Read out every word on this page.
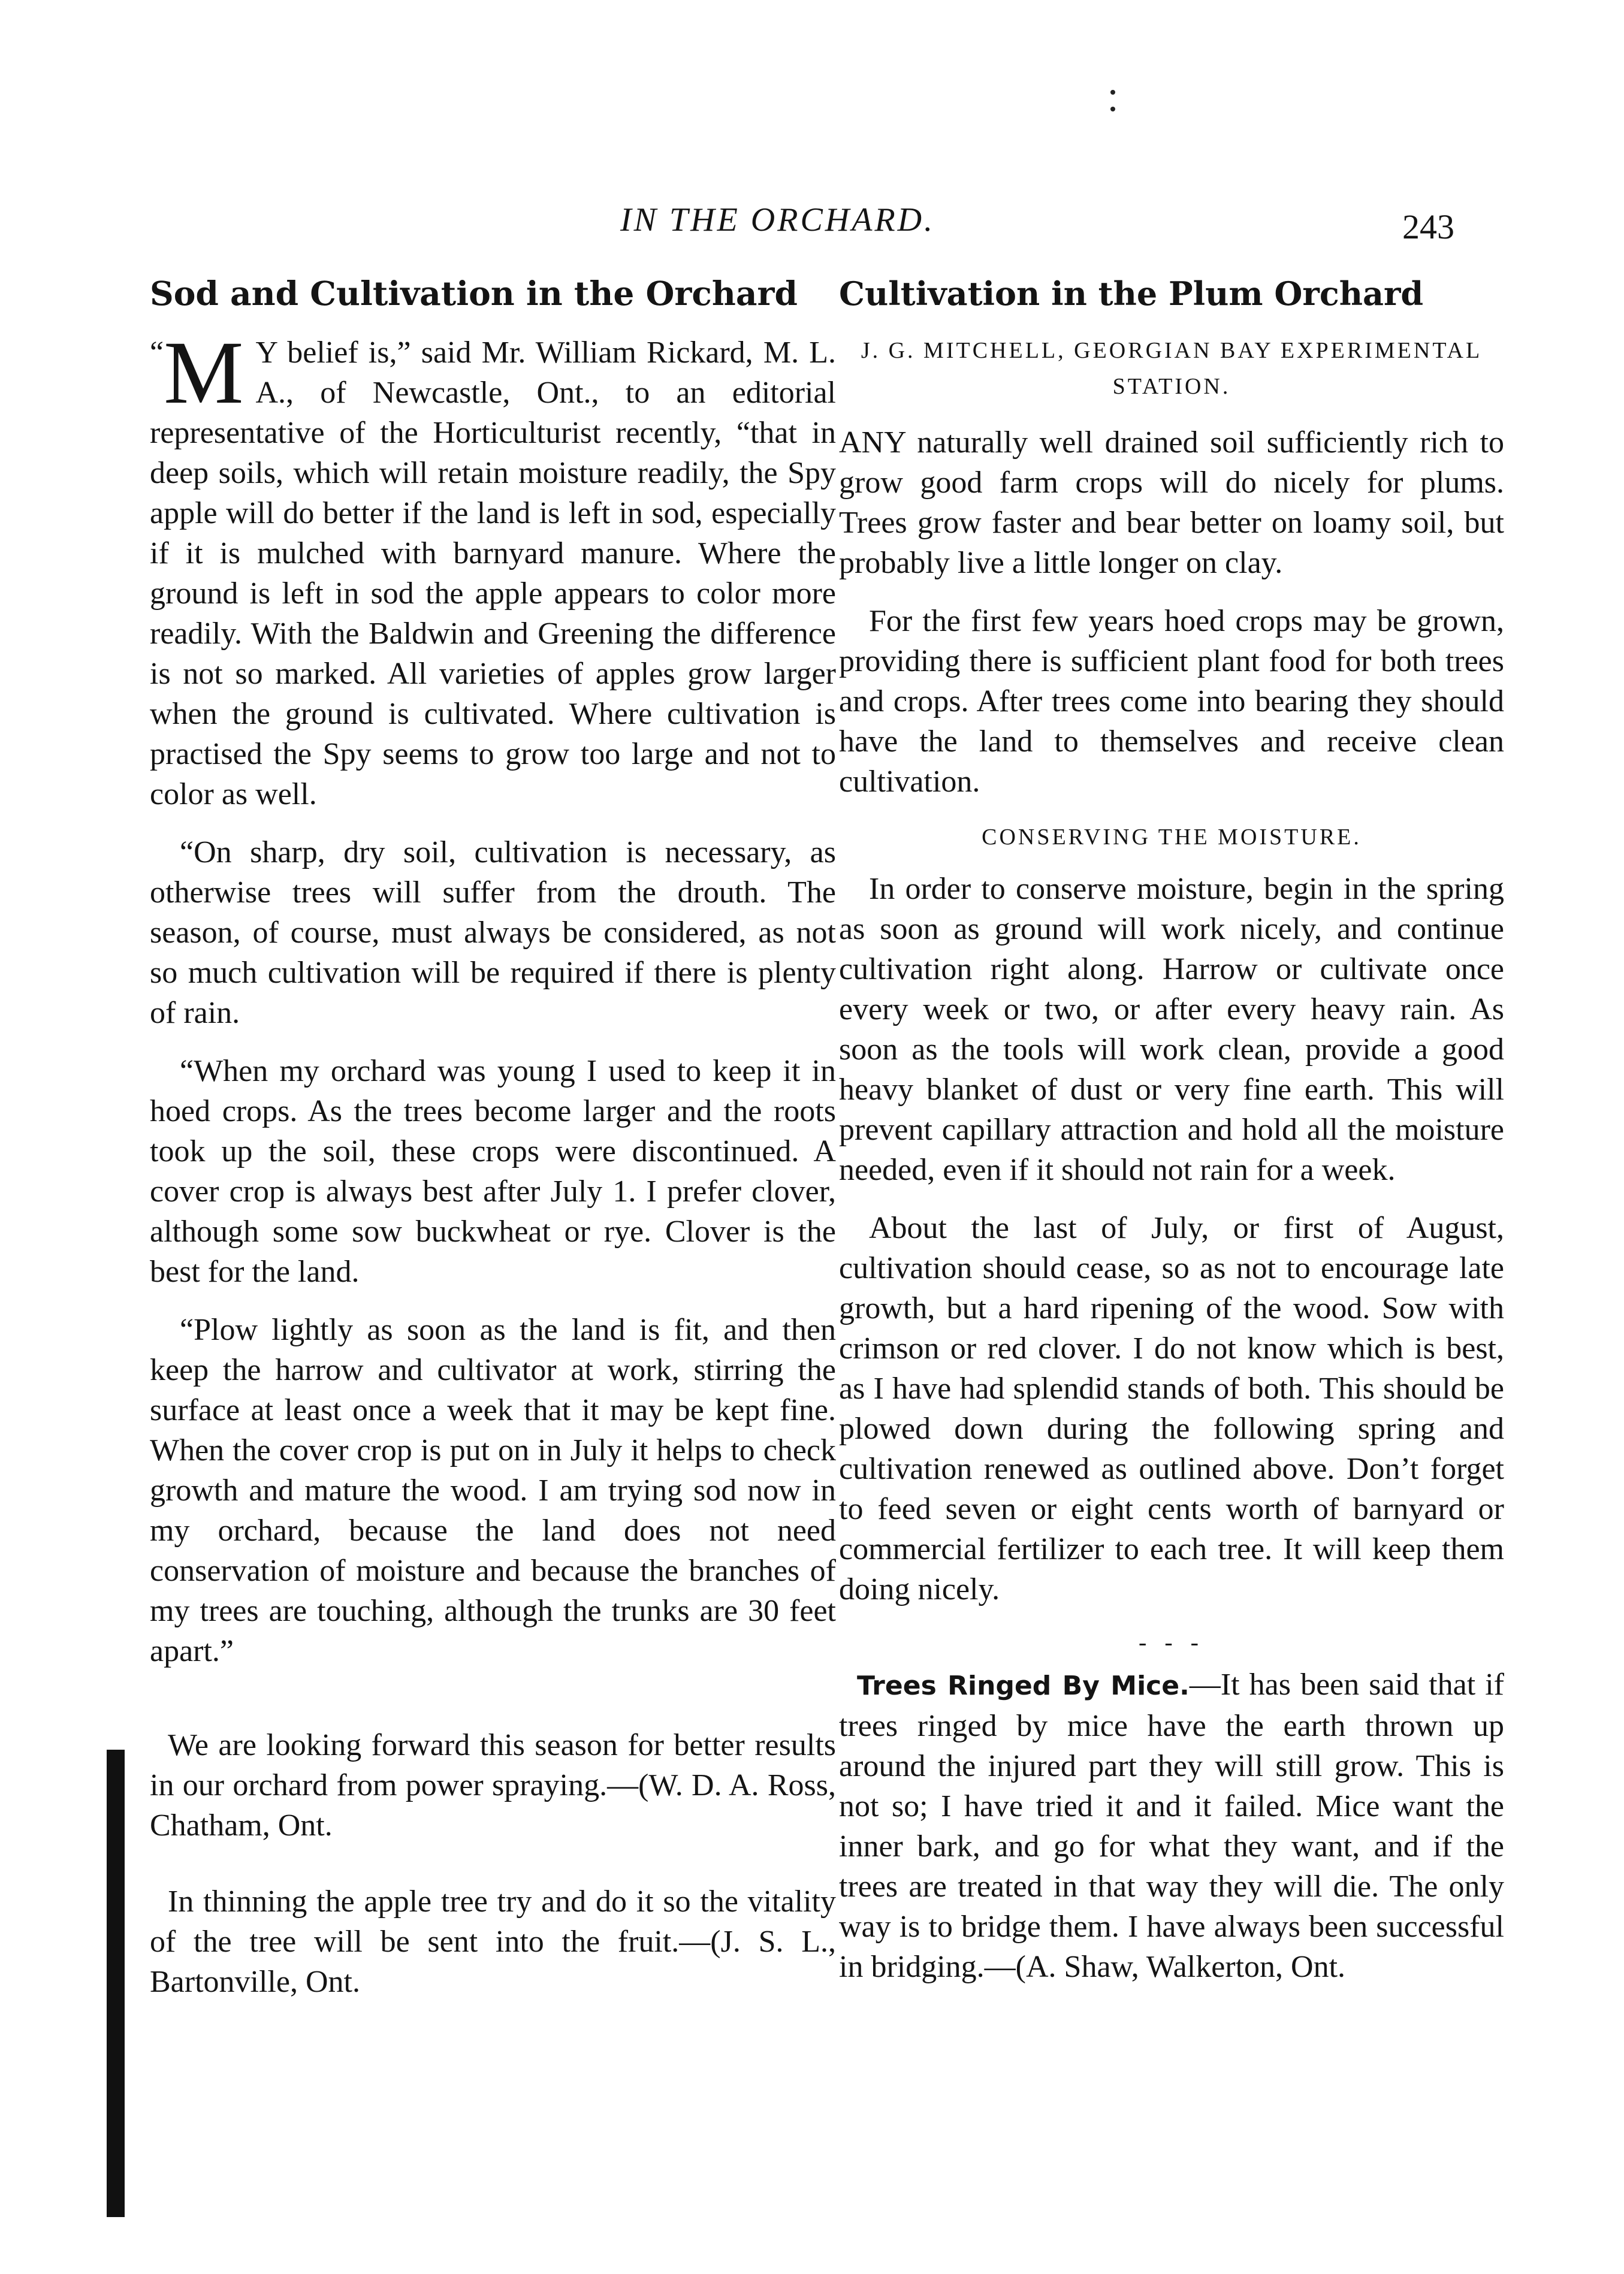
IN THE ORCHARD.	243
Sod and Cultivation in the Orchard

“M Y belief is,” said Mr. William Rickard, M. L. A., of Newcastle, Ont., to an editorial representative of the Horticulturist recently, “that in deep soils, which will retain moisture readily, the Spy apple will do better if the land is left in sod, especially if it is mulched with barnyard manure. Where the ground is left in sod the apple appears to color more readily. With the Baldwin and Greening the difference is not so marked. All varieties of apples grow larger when the ground is cultivated. Where cultivation is practised the Spy seems to grow too large and not to color as well.

“On sharp, dry soil, cultivation is necessary, as otherwise trees will suffer from the drouth. The season, of course, must always be considered, as not so much cultivation will be required if there is plenty of rain.

“When my orchard was young I used to keep it in hoed crops. As the trees become larger and the roots took up the soil, these crops were discontinued. A cover crop is always best after July 1. I prefer clover, although some sow buckwheat or rye. Clover is the best for the land.

“Plow lightly as soon as the land is fit, and then keep the harrow and cultivator at work, stirring the surface at least once a week that it may be kept fine. When the cover crop is put on in July it helps to check growth and mature the wood. I am trying sod now in my orchard, because the land does not need conservation of moisture and because the branches of my trees are touching, although the trunks are 30 feet apart.”

We are looking forward this season for better results in our orchard from power spraying.—(W. D. A. Ross, Chatham, Ont.

In thinning the apple tree try and do it so the vitality of the tree will be sent into the fruit.—(J. S. L., Bartonville, Ont.

Cultivation in the Plum Orchard
J. G. MITCHELL, GEORGIAN BAY EXPERIMENTAL STATION.

ANY naturally well drained soil sufficiently rich to grow good farm crops will do nicely for plums. Trees grow faster and bear better on loamy soil, but probably live a little longer on clay.

For the first few years hoed crops may be grown, providing there is sufficient plant food for both trees and crops. After trees come into bearing they should have the land to themselves and receive clean cultivation.

CONSERVING THE MOISTURE.

In order to conserve moisture, begin in the spring as soon as ground will work nicely, and continue cultivation right along. Harrow or cultivate once every week or two, or after every heavy rain. As soon as the tools will work clean, provide a good heavy blanket of dust or very fine earth. This will prevent capillary attraction and hold all the moisture needed, even if it should not rain for a week.

About the last of July, or first of August, cultivation should cease, so as not to encourage late growth, but a hard ripening of the wood. Sow with crimson or red clover. I do not know which is best, as I have had splendid stands of both. This should be plowed down during the following spring and cultivation renewed as outlined above. Don’t forget to feed seven or eight cents worth of barnyard or commercial fertilizer to each tree. It will keep them doing nicely.

- - -

Trees Ringed By Mice.—It has been said that if trees ringed by mice have the earth thrown up around the injured part they will still grow. This is not so; I have tried it and it failed. Mice want the inner bark, and go for what they want, and if the trees are treated in that way they will die. The only way is to bridge them. I have always been successful in bridging.—(A. Shaw, Walkerton, Ont.
